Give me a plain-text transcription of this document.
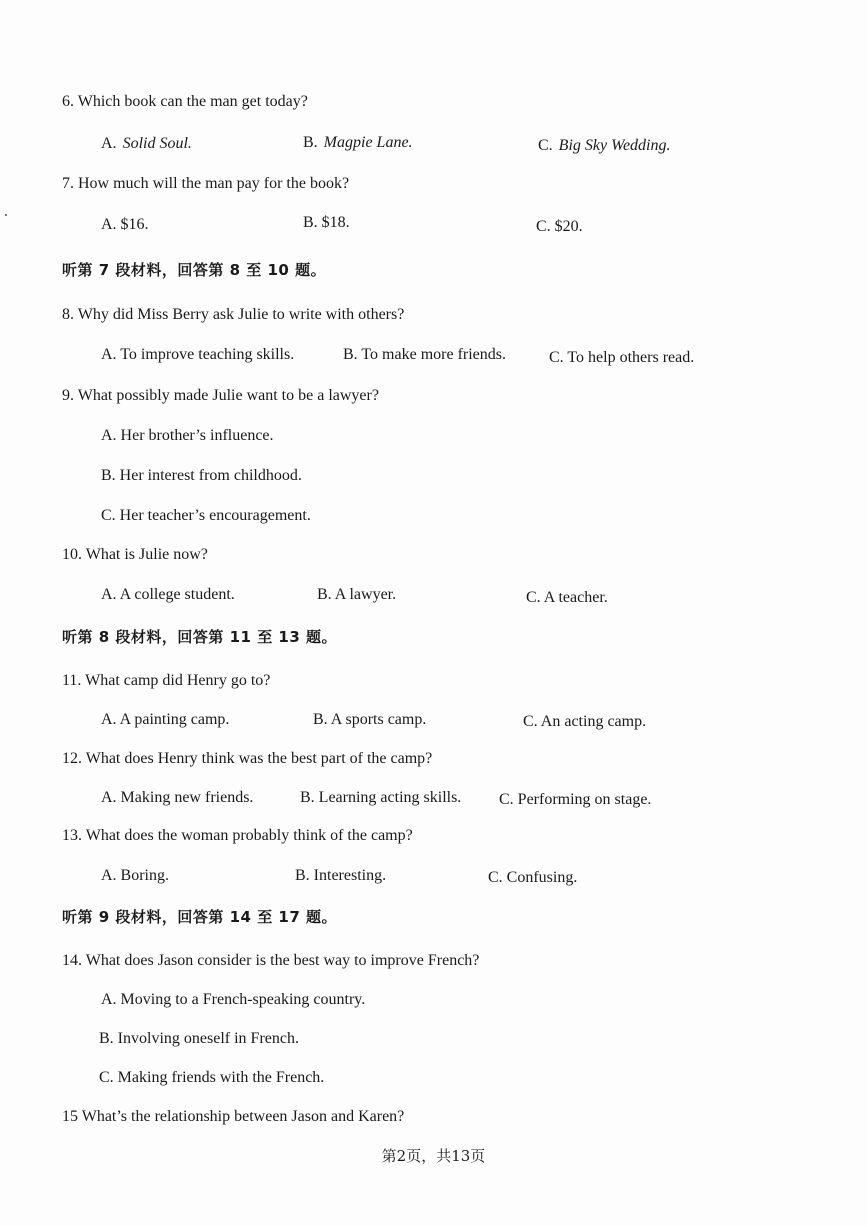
6. Which book can the man get today?
A. Solid Soul.	B. Magpie Lane.	C. Big Sky Wedding.
7. How much will the man pay for the book?
A. $16.	B. $18.	C. $20.
听第 7 段材料，回答第 8 至 10 题。
8. Why did Miss Berry ask Julie to write with others?
A. To improve teaching skills.	B. To make more friends.	C. To help others read.
9. What possibly made Julie want to be a lawyer?
A. Her brother’s influence.
B. Her interest from childhood.
C. Her teacher’s encouragement.
10. What is Julie now?
A. A college student.	B. A lawyer.	C. A teacher.
听第 8 段材料，回答第 11 至 13 题。
11. What camp did Henry go to?
A. A painting camp.	B. A sports camp.	C. An acting camp.
12. What does Henry think was the best part of the camp?
A. Making new friends.	B. Learning acting skills. C. Performing on stage.
13. What does the woman probably think of the camp?
A. Boring.	B. Interesting.	C. Confusing.
听第 9 段材料，回答第 14 至 17 题。
14. What does Jason consider is the best way to improve French?
A. Moving to a French-speaking country.
B. Involving oneself in French.
C. Making friends with the French.
15 What’s the relationship between Jason and Karen?
第2页，共13页
